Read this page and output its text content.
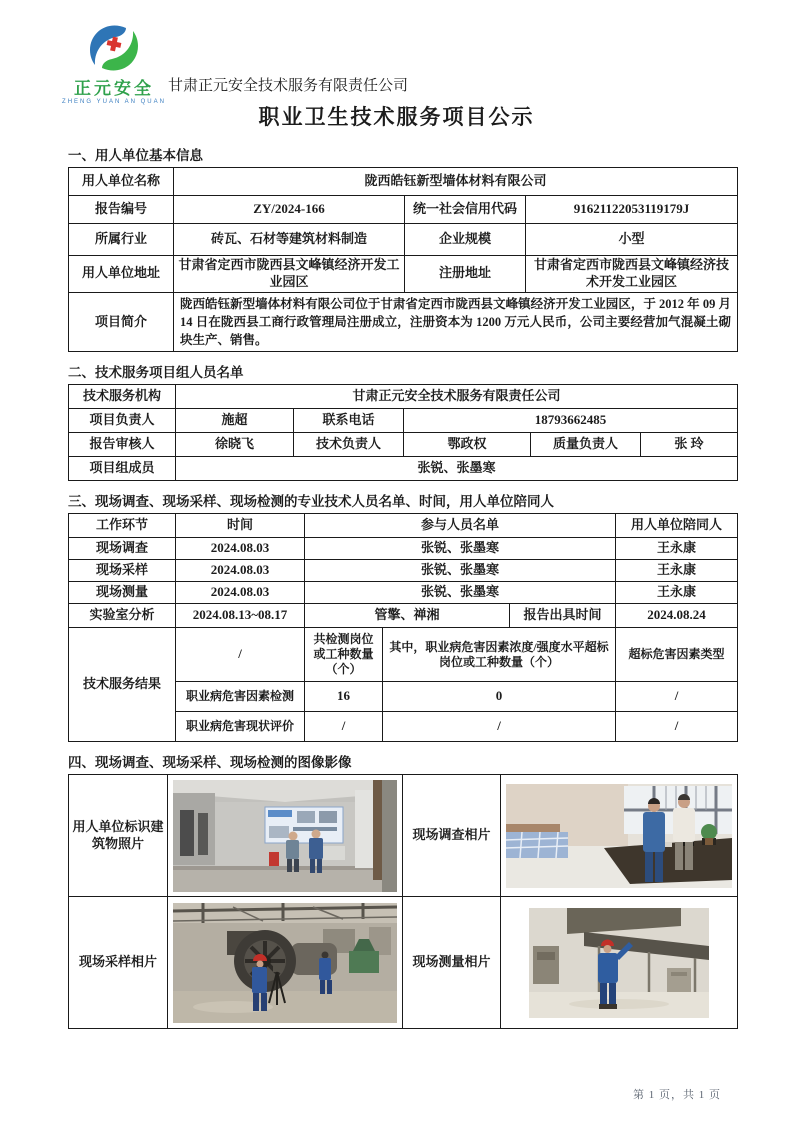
正元安全
ZHENG YUAN AN QUAN
甘肃正元安全技术服务有限责任公司
职业卫生技术服务项目公示
一、用人单位基本信息
用人单位名称	陇西皓钰新型墙体材料有限公司		
报告编号	ZY/2024-166	统一社会信用代码	91621122053119179J
所属行业	砖瓦、石材等建筑材料制造	企业规模	小型
用人单位地址	甘肃省定西市陇西县文峰镇经济开发工业园区	注册地址	甘肃省定西市陇西县文峰镇经济技术开发工业园区
项目简介	陇西皓钰新型墙体材料有限公司位于甘肃省定西市陇西县文峰镇经济开发工业园区，于 2012 年 09 月 14 日在陇西县工商行政管理局注册成立，注册资本为 1200 万元人民币，公司主要经营加气混凝土砌块生产、销售。		
二、技术服务项目组人员名单
技术服务机构	甘肃正元安全技术服务有限责任公司				
项目负责人	施超	联系电话	18793662485		
报告审核人	徐晓飞	技术负责人	鄂政权	质量负责人	张 玲
项目组成员	张锐、张墨寒				
三、现场调查、现场采样、现场检测的专业技术人员名单、时间，用人单位陪同人
工作环节	时间	参与人员名单			用人单位陪同人
现场调查	2024.08.03	张锐、张墨寒			王永康
现场采样	2024.08.03	张锐、张墨寒			王永康
现场测量	2024.08.03	张锐、张墨寒			王永康
实验室分析	2024.08.13~08.17	管擎、禅湘		报告出具时间	2024.08.24
技术服务结果	/	共检测岗位或工种数量（个）	其中，职业病危害因素浓度/强度水平超标岗位或工种数量（个）		超标危害因素类型
	职业病危害因素检测	16	0		/
	职业病危害现状评价	/	/		/
四、现场调查、现场采样、现场检测的图像影像
用人单位标识建筑物照片		现场调查相片	

现场采样相片		现场测量相片	
第 1 页，共 1 页
